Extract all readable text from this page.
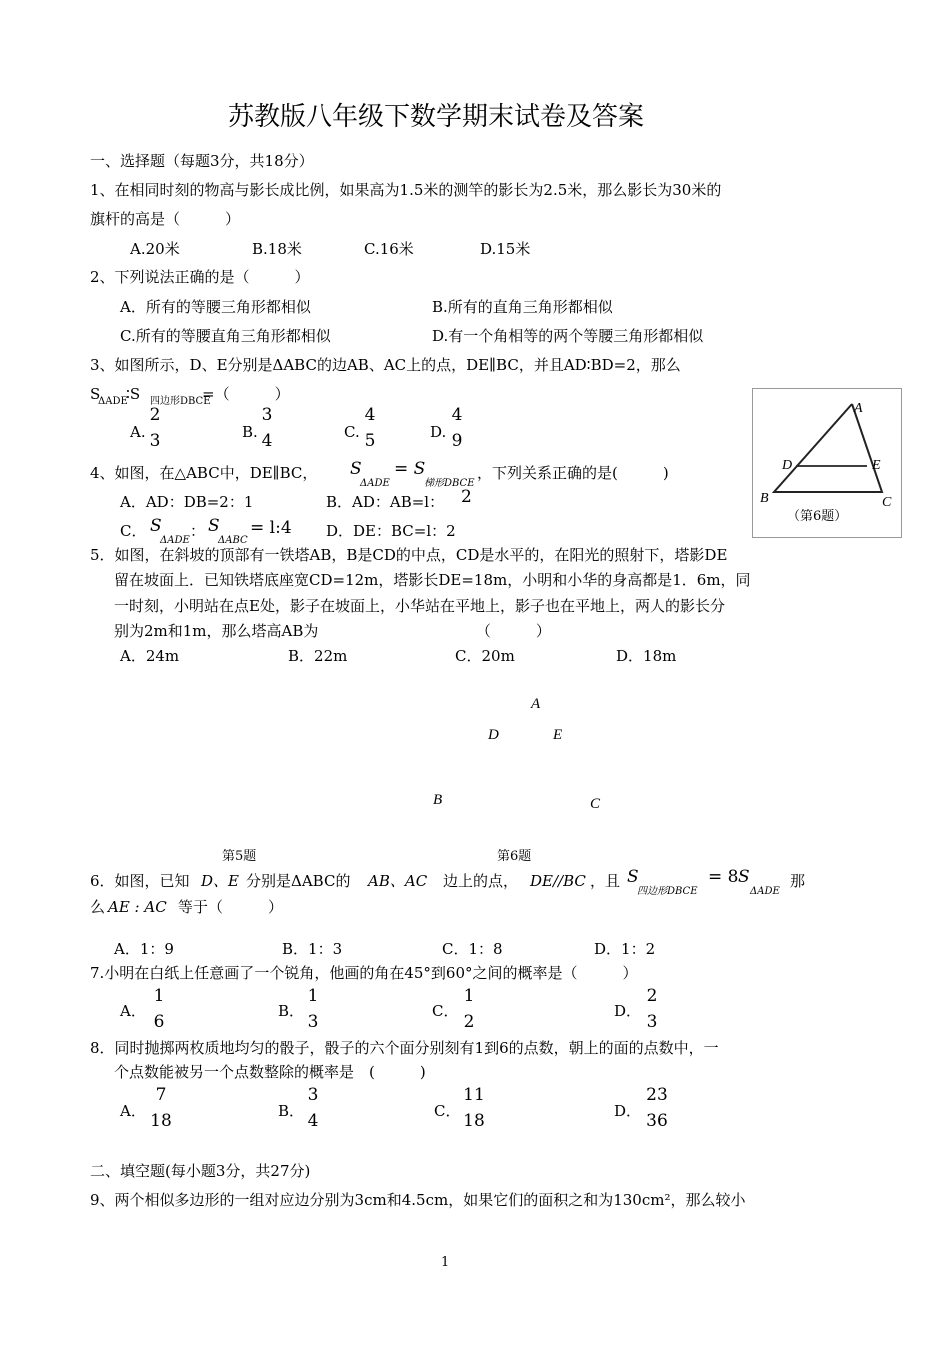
苏教版八年级下数学期末试卷及答案
一、选择题（每题3分，共18分）
1、在相同时刻的物高与影长成比例，如果高为1.5米的测竿的影长为2.5米，那么影长为30米的
旗杆的高是（　　　）
A.20米	B.18米	C.16米	D.15米
2、下列说法正确的是（　　　）
A．所有的等腰三角形都相似	B.所有的直角三角形都相似
C.所有的等腰直角三角形都相似	D.有一个角相等的两个等腰三角形都相似
3、如图所示，D、E分别是ΔABC的边AB、AC上的点，DE∥BC，并且AD∶BD=2，那么
S
ΔADE
∶S 四边形DBCE
=（　　　）
A.
2
3	B.
3
4	C.
4
5	D.
4
9
4、如图，在△ABC中，DE∥BC， S
ΔADE
= S
梯形DBCE
，下列关系正确的是(　　　)
A．AD：DB=2：1	B．AD：AB=l： 2
C． S
ΔADE
： S
ΔABC
= l:4 D．DE：BC=l：2
5．如图，在斜坡的顶部有一铁塔AB，B是CD的中点，CD是水平的，在阳光的照射下，塔影DE
留在坡面上．已知铁塔底座宽CD=12m，塔影长DE=18m，小明和小华的身高都是1．6m，同
一时刻，小明站在点E处，影子在坡面上，小华站在平地上，影子也在平地上，两人的影长分
别为2m和1m，那么塔高AB为　　　　　　　　　　　（　　　）
A．24m	B．22m	C．20m	D．18m
A
D	E
B	C
第5题	第6题
A
D	E
B	C
（第6题）
6．如图，已知 D、E 分别是ΔABC的 AB、AC 边上的点， DE//BC ，且 S
四边形DBCE
= 8 S
ΔADE
那
么 AE : AC 等于（　　　）
A．1：9	B．1：3	C．1：8	D．1：2
7.小明在白纸上任意画了一个锐角，他画的角在45°到60°之间的概率是（　　　）
A．
1
6
B．
1
3
C．
1
2
D．
2
3
8．同时抛掷两枚质地均匀的骰子，骰子的六个面分别刻有1到6的点数，朝上的面的点数中，一
个点数能被另一个点数整除的概率是　(　　　)
A．
7
18	B．
3
4	C．
11
18	D．
23
36
二、填空题(每小题3分，共27分)
9、两个相似多边形的一组对应边分别为3cm和4.5cm，如果它们的面积之和为130cm²，那么较小
1
